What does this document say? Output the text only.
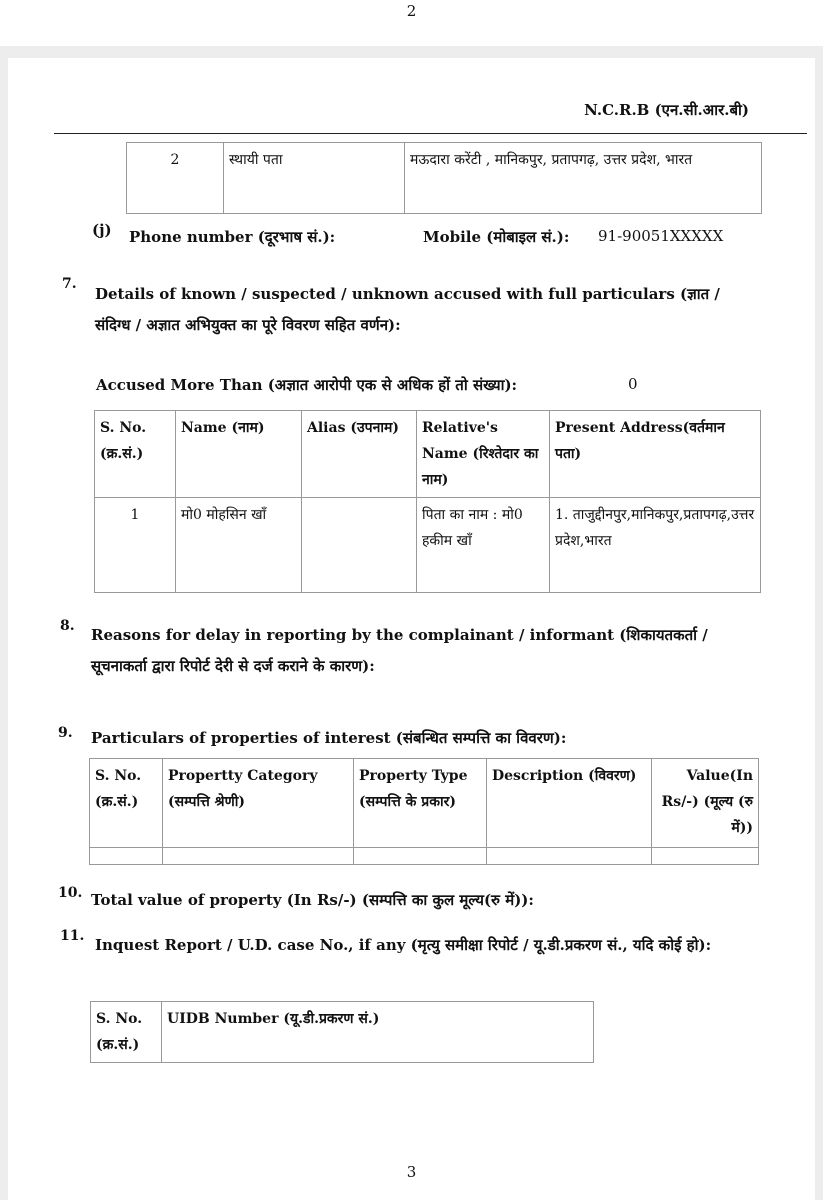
2
N.C.R.B (एन.सी.आर.बी)
2	स्थायी पता	मऊदारा करेंटी , मानिकपुर, प्रतापगढ़, उत्तर प्रदेश, भारत
(j) Phone number (दूरभाष सं.):	Mobile (मोबाइल सं.): 91-90051XXXXX
7.
Details of known / suspected / unknown accused with full particulars (ज्ञात / संदिग्ध / अज्ञात अभियुक्त का पूरे विवरण सहित वर्णन):
Accused More Than (अज्ञात आरोपी एक से अधिक हों तो संख्या):	0
S. No. (क्र.सं.)	Name (नाम)	Alias (उपनाम)	Relative's Name (रिश्तेदार का नाम)	Present Address(वर्तमान पता)
1	मो0 मोहसिन खाँ		पिता का नाम : मो0 हकीम खाँ	1. ताजुद्दीनपुर,मानिकपुर,प्रतापगढ़,उत्तर प्रदेश,भारत
8. Reasons for delay in reporting by the complainant / informant (शिकायतकर्ता / सूचनाकर्ता द्वारा रिपोर्ट देरी से दर्ज कराने के कारण):
9. Particulars of properties of interest (संबन्धित सम्पत्ति का विवरण):
S. No. (क्र.सं.)	Propertty Category (सम्पत्ति श्रेणी)	Property Type (सम्पत्ति के प्रकार)	Description (विवरण)	Value(In Rs/-) (मूल्य (रु में))

10. Total value of property (In Rs/-) (सम्पत्ति का कुल मूल्य(रु में)):
11. Inquest Report / U.D. case No., if any (मृत्यु समीक्षा रिपोर्ट / यू.डी.प्रकरण सं., यदि कोई हो):
S. No. (क्र.सं.)	UIDB Number (यू.डी.प्रकरण सं.)
3
